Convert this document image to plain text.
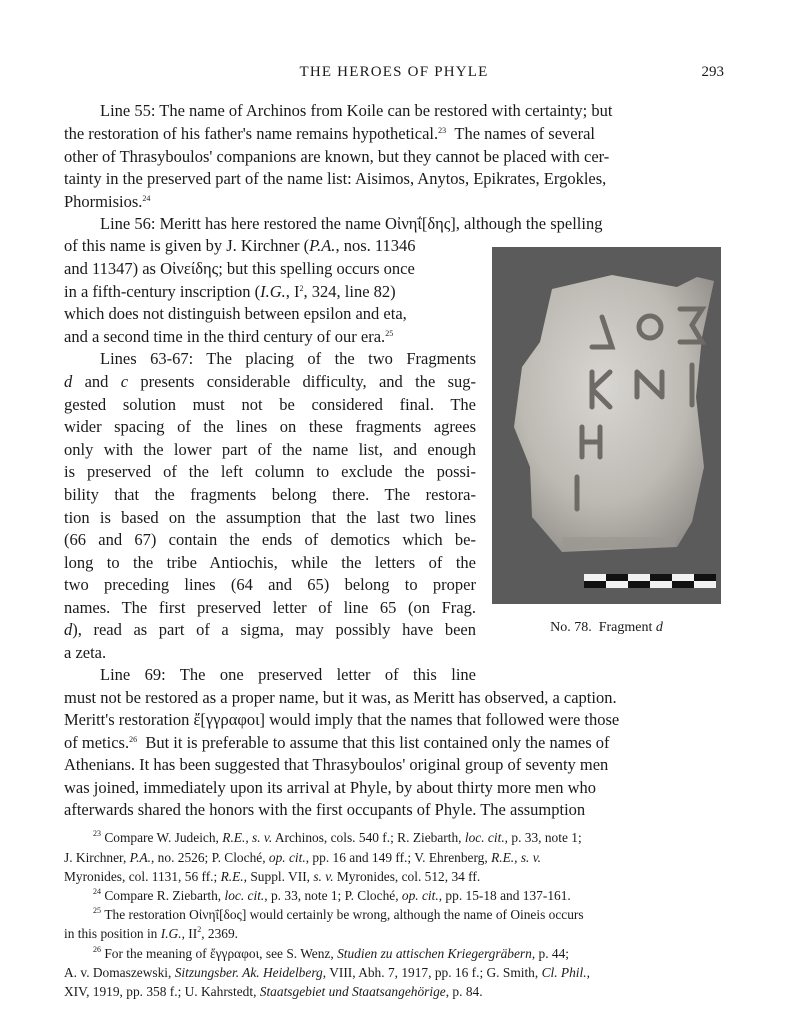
THE HEROES OF PHYLE	293
Line 55: The name of Archinos from Koile can be restored with certainty; but
the restoration of his father's name remains hypothetical.$^{23}$ The names of several
other of Thrasyboulos' companions are known, but they cannot be placed with cer-
tainty in the preserved part of the name list: Aisimos, Anytos, Epikrates, Ergokles,
Phormisios.$^{24}$
Line 56: Meritt has here restored the name Οἰνηΐ[δης], although the spelling
of this name is given by J. Kirchner (P.A., nos. 11346
and 11347) as Οἰνείδης; but this spelling occurs once
in a fifth-century inscription (I.G., $I^2$, 324, line 82)
which does not distinguish between epsilon and eta,
and a second time in the third century of our era.$^{25}$
Lines 63-67: The placing of the two Fragments
d and c presents considerable difficulty, and the sug-
gested solution must not be considered final. The
wider spacing of the lines on these fragments agrees
only with the lower part of the name list, and enough
is preserved of the left column to exclude the possi-
bility that the fragments belong there. The restora-
tion is based on the assumption that the last two lines
(66 and 67) contain the ends of demotics which be-
long to the tribe Antiochis, while the letters of the
two preceding lines (64 and 65) belong to proper
names. The first preserved letter of line 65 (on Frag.
d), read as part of a sigma, may possibly have been
a zeta.
No. 78. Fragment d
Line 69: The one preserved letter of this line
must not be restored as a proper name, but it was, as Meritt has observed, a caption.
Meritt's restoration ἔ[γγραφοι] would imply that the names that followed were those
of metics.$^{26}$ But it is preferable to assume that this list contained only the names of
Athenians. It has been suggested that Thrasyboulos' original group of seventy men
was joined, immediately upon its arrival at Phyle, by about thirty more men who
afterwards shared the honors with the first occupants of Phyle. The assumption
$^{23}$ Compare W. Judeich, R.E., s. v. Archinos, cols. 540 f.; R. Ziebarth, loc. cit., p. 33, note 1;
J. Kirchner, P.A., no. 2526; P. Cloché, op. cit., pp. 16 and 149 ff.; V. Ehrenberg, R.E., s. v.
Myronides, col. 1131, 56 ff.; R.E., Suppl. VII, s. v. Myronides, col. 512, 34 ff.
$^{24}$ Compare R. Ziebarth, loc. cit., p. 33, note 1; P. Cloché, op. cit., pp. 15-18 and 137-161.
$^{25}$ The restoration Οἰνηΐ[δος] would certainly be wrong, although the name of Oineis occurs
in this position in I.G., $II^2$, 2369.
$^{26}$ For the meaning of ἔγγραφοι, see S. Wenz, Studien zu attischen Kriegergräbern, p. 44;
A. v. Domaszewski, Sitzungsber. Ak. Heidelberg, VIII, Abh. 7, 1917, pp. 16 f.; G. Smith, Cl. Phil.,
XIV, 1919, pp. 358 f.; U. Kahrstedt, Staatsgebiet und Staatsangehörige, p. 84.
